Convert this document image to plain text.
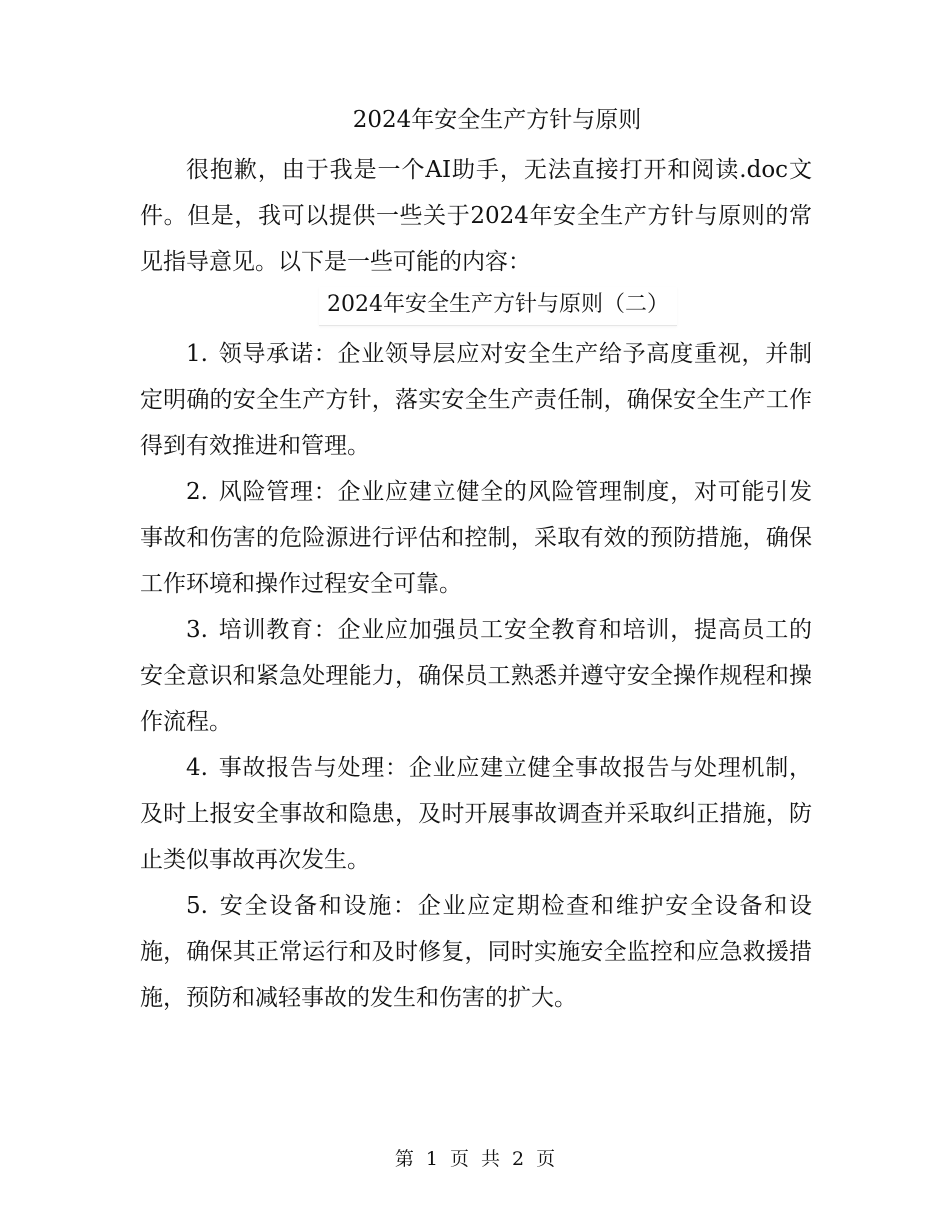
2024年安全生产方针与原则
很抱歉，由于我是一个AI助手，无法直接打开和阅读.doc文件。但是，我可以提供一些关于2024年安全生产方针与原则的常见指导意见。以下是一些可能的内容：
2024年安全生产方针与原则（二）
1. 领导承诺：企业领导层应对安全生产给予高度重视，并制定明确的安全生产方针，落实安全生产责任制，确保安全生产工作得到有效推进和管理。
2. 风险管理：企业应建立健全的风险管理制度，对可能引发事故和伤害的危险源进行评估和控制，采取有效的预防措施，确保工作环境和操作过程安全可靠。
3. 培训教育：企业应加强员工安全教育和培训，提高员工的安全意识和紧急处理能力，确保员工熟悉并遵守安全操作规程和操作流程。
4. 事故报告与处理：企业应建立健全事故报告与处理机制，及时上报安全事故和隐患，及时开展事故调查并采取纠正措施，防止类似事故再次发生。
5. 安全设备和设施：企业应定期检查和维护安全设备和设施，确保其正常运行和及时修复，同时实施安全监控和应急救援措施，预防和减轻事故的发生和伤害的扩大。
第 1 页 共 2 页
